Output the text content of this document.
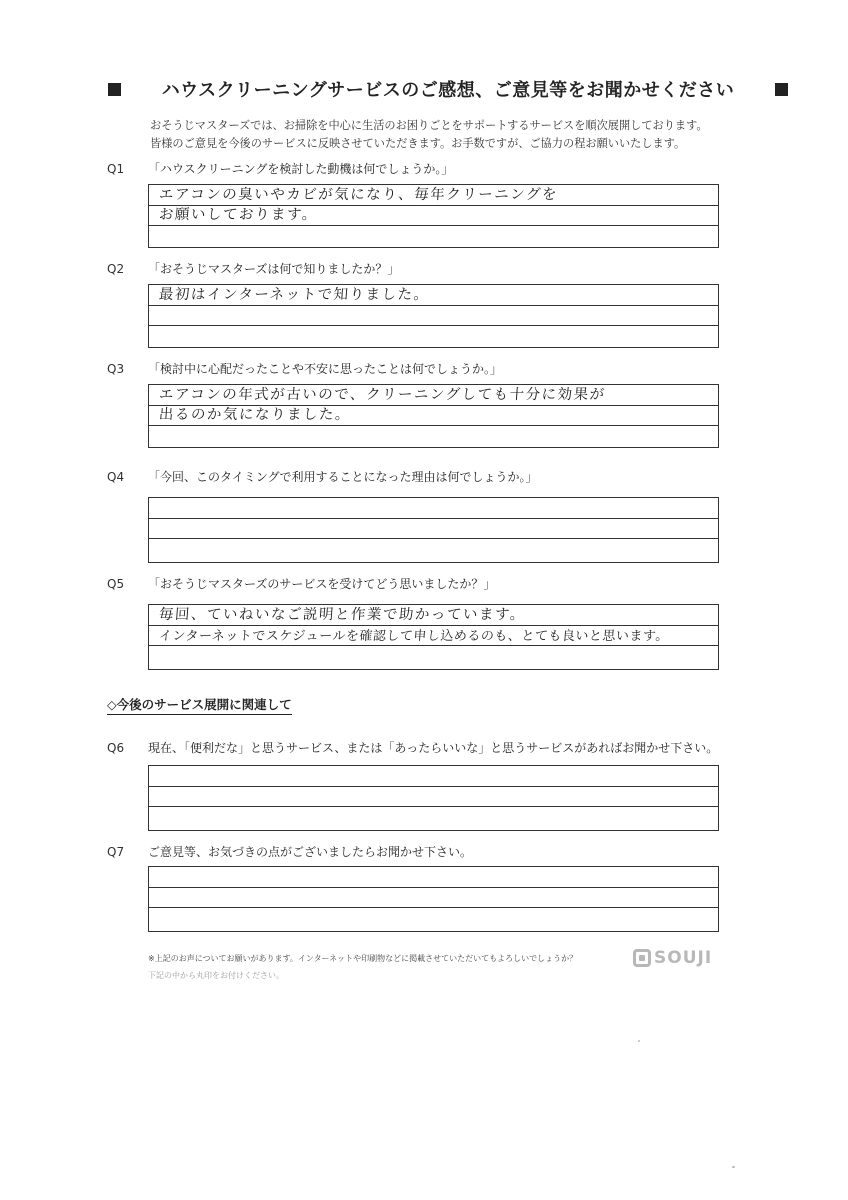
ハウスクリーニングサービスのご感想、ご意見等をお聞かせください
おそうじマスターズでは、お掃除を中心に生活のお困りごとをサポートするサービスを順次展開しております。
皆様のご意見を今後のサービスに反映させていただきます。お手数ですが、ご協力の程お願いいたします。
Q1 「ハウスクリーニングを検討した動機は何でしょうか。」
エアコンの臭いやカビが気になり、毎年クリーニングを
お願いしております。
Q2 「おそうじマスターズは何で知りましたか？」
最初はインターネットで知りました。
Q3 「検討中に心配だったことや不安に思ったことは何でしょうか。」
エアコンの年式が古いので、クリーニングしても十分に効果が
出るのか気になりました。
Q4 「今回、このタイミングで利用することになった理由は何でしょうか。」
Q5 「おそうじマスターズのサービスを受けてどう思いましたか？」
毎回、ていねいなご説明と作業で助かっています。
インターネットでスケジュールを確認して申し込めるのも、とても良いと思います。
◇今後のサービス展開に関連して
Q6 現在、「便利だな」と思うサービス、または「あったらいいな」と思うサービスがあればお聞かせ下さい。
Q7 ご意見等、お気づきの点がございましたらお聞かせ下さい。
※上記のお声についてお願いがあります。インターネットや印刷物などに掲載させていただいてもよろしいでしょうか？
下記の中から丸印をお付けください。
SOUJI
